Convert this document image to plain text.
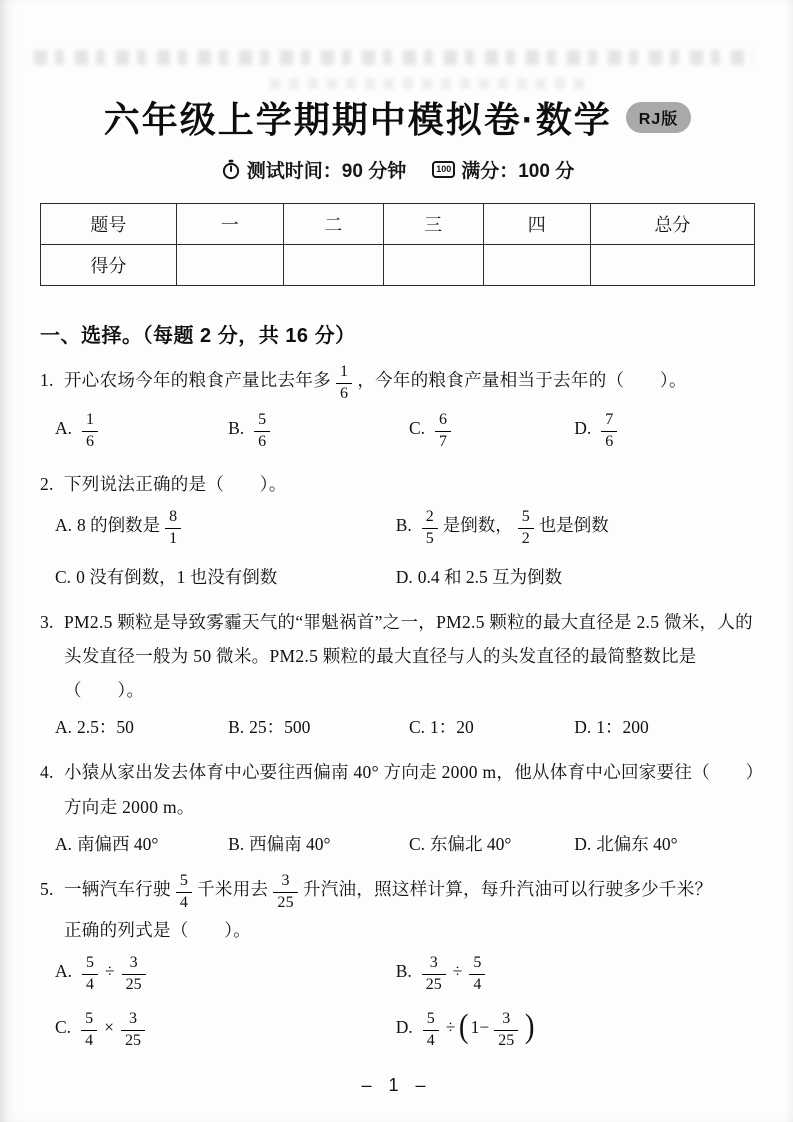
六年级上学期期中模拟卷·数学	RJ版
测试时间：90 分钟	100 满分：100 分
题号	一	二	三	四	总分
得分					
一、选择。（每题 2 分，共 16 分）
1. 开心农场今年的粮食产量比去年多 $\frac{1}{6}$ ，今年的粮食产量相当于去年的（　　）。
A. $\frac{1}{6}$	B. $\frac{5}{6}$	C. $\frac{6}{7}$	D. $\frac{7}{6}$
2. 下列说法正确的是（　　）。
A. 8 的倒数是 $\frac{8}{1}$	B. $\frac{2}{5}$ 是倒数， $\frac{5}{2}$ 也是倒数
C. 0 没有倒数，1 也没有倒数	D. 0.4 和 2.5 互为倒数
3. PM2.5 颗粒是导致雾霾天气的“罪魁祸首”之一，PM2.5 颗粒的最大直径是 2.5 微米，人的头发直径一般为 50 微米。PM2.5 颗粒的最大直径与人的头发直径的最简整数比是（　　）。
A. 2.5：50	B. 25：500	C. 1：20	D. 1：200
4. 小猿从家出发去体育中心要往西偏南 40° 方向走 2000 m，他从体育中心回家要往（　　）方向走 2000 m。
A. 南偏西 40°	B. 西偏南 40°	C. 东偏北 40°	D. 北偏东 40°
5. 一辆汽车行驶 $\frac{5}{4}$ 千米用去 $\frac{3}{25}$ 升汽油，照这样计算，每升汽油可以行驶多少千米？
正确的列式是（　　）。
A. $\frac{5}{4} \div \frac{3}{25}$	B. $\frac{3}{25} \div \frac{5}{4}$
C. $\frac{5}{4} \times \frac{3}{25}$	D. $\frac{5}{4}$ ÷ ( $1- \frac{3}{25}$ )
– 1 –
